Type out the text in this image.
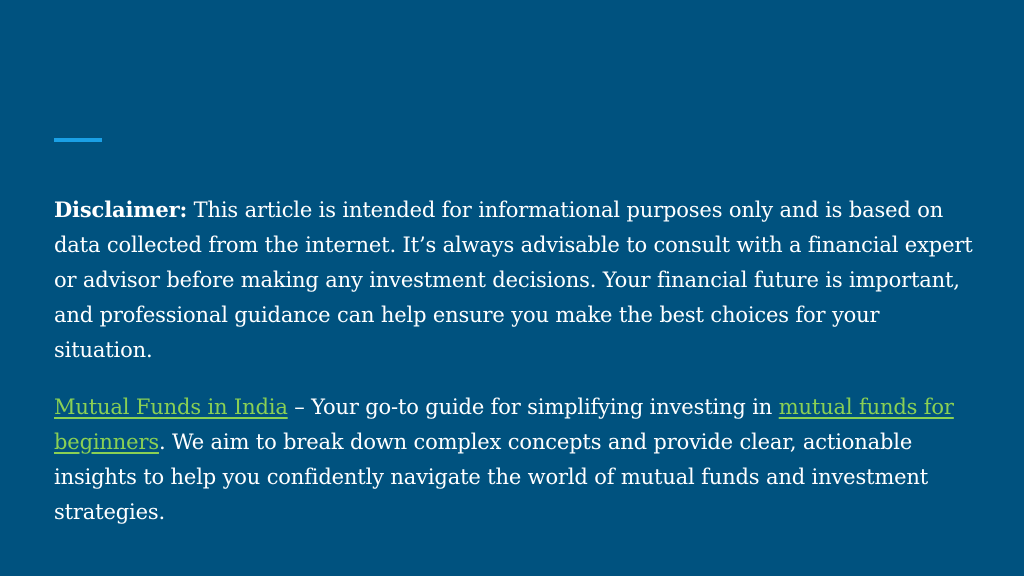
Disclaimer: This article is intended for informational purposes only and is based on data collected from the internet. It’s always advisable to consult with a financial expert or advisor before making any investment decisions. Your financial future is important, and professional guidance can help ensure you make the best choices for your situation.

Mutual Funds in India – Your go-to guide for simplifying investing in mutual funds for beginners. We aim to break down complex concepts and provide clear, actionable insights to help you confidently navigate the world of mutual funds and investment strategies.
